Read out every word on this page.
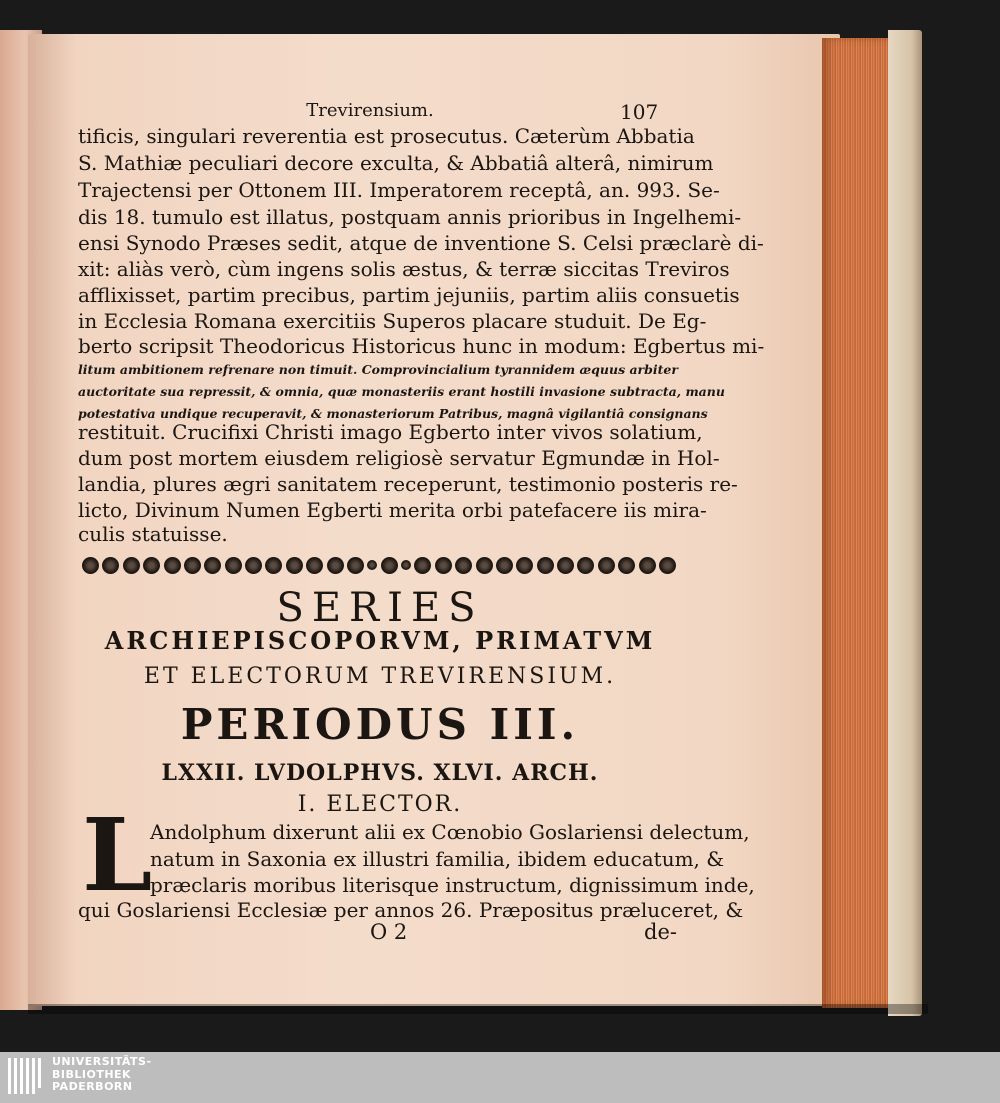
Trevirensium.	107
tificis, singulari reverentia est prosecutus. Cæterùm Abbatia
S. Mathiæ peculiari decore exculta, & Abbatiâ alterâ, nimirum
Trajectensi per Ottonem III. Imperatorem receptâ, an. 993. Se-
dis 18. tumulo est illatus, postquam annis prioribus in Ingelhemi-
ensi Synodo Præses sedit, atque de inventione S. Celsi præclarè di-
xit: aliàs verò, cùm ingens solis æstus, & terræ siccitas Treviros
afflixisset, partim precibus, partim jejuniis, partim aliis consuetis
in Ecclesia Romana exercitiis Superos placare studuit. De Eg-
berto scripsit Theodoricus Historicus hunc in modum: Egbertus mi-
litum ambitionem refrenare non timuit. Comprovincialium tyrannidem æquus arbiter
auctoritate sua repressit, & omnia, quæ monasteriis erant hostili invasione subtracta, manu
potestativa undique recuperavit, & monasteriorum Patribus, magnâ vigilantiâ consignans
restituit. Crucifixi Christi imago Egberto inter vivos solatium,
dum post mortem eiusdem religiosè servatur Egmundæ in Hol-
landia, plures ægri sanitatem receperunt, testimonio posteris re-
licto, Divinum Numen Egberti merita orbi patefacere iis mira-
culis statuisse.
SERIES
ARCHIEPISCOPORVM, PRIMATVM
ET ELECTORUM TREVIRENSIUM.
PERIODUS III.
LXXII. LVDOLPHVS. XLVI. ARCH.
I. ELECTOR.
L
Andolphum dixerunt alii ex Cœnobio Goslariensi delectum,
natum in Saxonia ex illustri familia, ibidem educatum, &
præclaris moribus literisque instructum, dignissimum inde,
qui Goslariensi Ecclesiæ per annos 26. Præpositus præluceret, &
O 2	de-
UNIVERSITÄTS-
BIBLIOTHEK
PADERBORN
